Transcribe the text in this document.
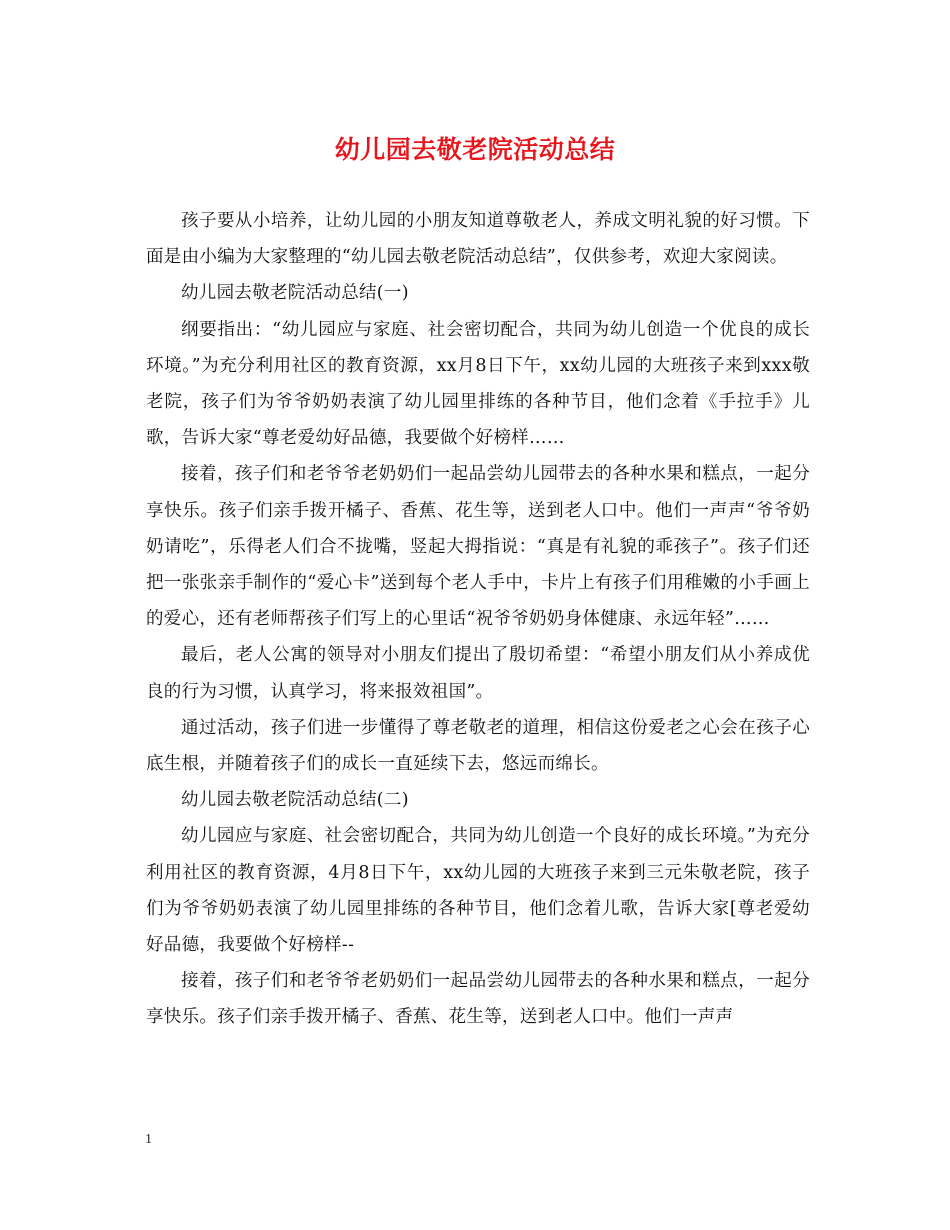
幼儿园去敬老院活动总结

孩子要从小培养，让幼儿园的小朋友知道尊敬老人，养成文明礼貌的好习惯。下面是由小编为大家整理的“幼儿园去敬老院活动总结”，仅供参考，欢迎大家阅读。

幼儿园去敬老院活动总结(一)

纲要指出：“幼儿园应与家庭、社会密切配合，共同为幼儿创造一个优良的成长环境。”为充分利用社区的教育资源，xx月8日下午，xx幼儿园的大班孩子来到xxx敬老院，孩子们为爷爷奶奶表演了幼儿园里排练的各种节目，他们念着《手拉手》儿歌，告诉大家“尊老爱幼好品德，我要做个好榜样……

接着，孩子们和老爷爷老奶奶们一起品尝幼儿园带去的各种水果和糕点，一起分享快乐。孩子们亲手拨开橘子、香蕉、花生等，送到老人口中。他们一声声“爷爷奶奶请吃”，乐得老人们合不拢嘴，竖起大拇指说：“真是有礼貌的乖孩子”。孩子们还把一张张亲手制作的“爱心卡”送到每个老人手中，卡片上有孩子们用稚嫩的小手画上的爱心，还有老师帮孩子们写上的心里话“祝爷爷奶奶身体健康、永远年轻”……

最后，老人公寓的领导对小朋友们提出了殷切希望：“希望小朋友们从小养成优良的行为习惯，认真学习，将来报效祖国”。

通过活动，孩子们进一步懂得了尊老敬老的道理，相信这份爱老之心会在孩子心底生根，并随着孩子们的成长一直延续下去，悠远而绵长。

幼儿园去敬老院活动总结(二)

幼儿园应与家庭、社会密切配合，共同为幼儿创造一个良好的成长环境。”为充分利用社区的教育资源，4月8日下午，xx幼儿园的大班孩子来到三元朱敬老院，孩子们为爷爷奶奶表演了幼儿园里排练的各种节目，他们念着儿歌，告诉大家[尊老爱幼好品德，我要做个好榜样--

接着，孩子们和老爷爷老奶奶们一起品尝幼儿园带去的各种水果和糕点，一起分享快乐。孩子们亲手拨开橘子、香蕉、花生等，送到老人口中。他们一声声

1
